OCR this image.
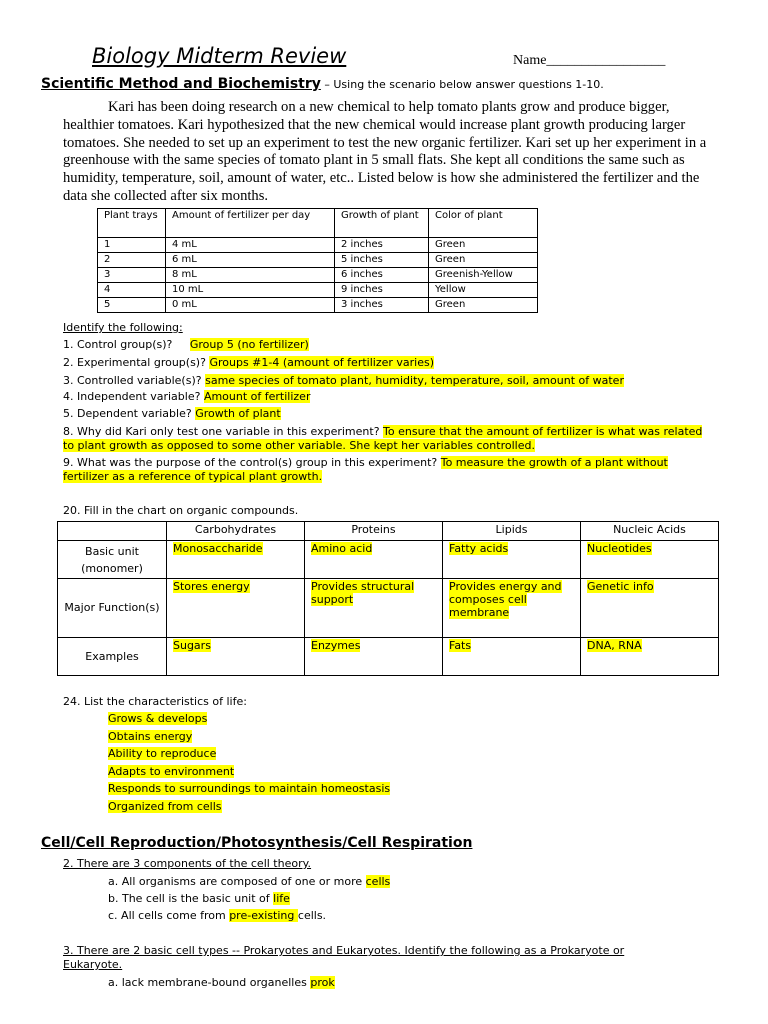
Biology Midterm Review	Name_________________
Scientific Method and Biochemistry – Using the scenario below answer questions 1-10.
Kari has been doing research on a new chemical to help tomato plants grow and produce bigger, healthier tomatoes. Kari hypothesized that the new chemical would increase plant growth producing larger tomatoes. She needed to set up an experiment to test the new organic fertilizer. Kari set up her experiment in a greenhouse with the same species of tomato plant in 5 small flats. She kept all conditions the same such as humidity, temperature, soil, amount of water, etc.. Listed below is how she administered the fertilizer and the data she collected after six months.
Plant trays	Amount of fertilizer per day	Growth of plant	Color of plant
1	4 mL	2 inches	Green
2	6 mL	5 inches	Green
3	8 mL	6 inches	Greenish-Yellow
4	10 mL	9 inches	Yellow
5	0 mL	3 inches	Green
Identify the following:
1. Control group(s)? Group 5 (no fertilizer)
2. Experimental group(s)? Groups #1-4 (amount of fertilizer varies)
3. Controlled variable(s)? same species of tomato plant, humidity, temperature, soil, amount of water
4. Independent variable? Amount of fertilizer
5. Dependent variable? Growth of plant
8. Why did Kari only test one variable in this experiment? To ensure that the amount of fertilizer is what was related to plant growth as opposed to some other variable. She kept her variables controlled.
9. What was the purpose of the control(s) group in this experiment? To measure the growth of a plant without fertilizer as a reference of typical plant growth.
20. Fill in the chart on organic compounds.
	Carbohydrates	Proteins	Lipids	Nucleic Acids
Basic unit (monomer)	Monosaccharide	Amino acid	Fatty acids	Nucleotides
Major Function(s)	Stores energy	Provides structural support	Provides energy and composes cell membrane	Genetic info
Examples	Sugars	Enzymes	Fats	DNA, RNA
24. List the characteristics of life:
Grows & develops
Obtains energy
Ability to reproduce
Adapts to environment
Responds to surroundings to maintain homeostasis
Organized from cells
Cell/Cell Reproduction/Photosynthesis/Cell Respiration
2. There are 3 components of the cell theory.
a. All organisms are composed of one or more cells
b. The cell is the basic unit of life
c. All cells come from pre-existing cells.
3. There are 2 basic cell types -- Prokaryotes and Eukaryotes. Identify the following as a Prokaryote or Eukaryote.
a. lack membrane-bound organelles prok
